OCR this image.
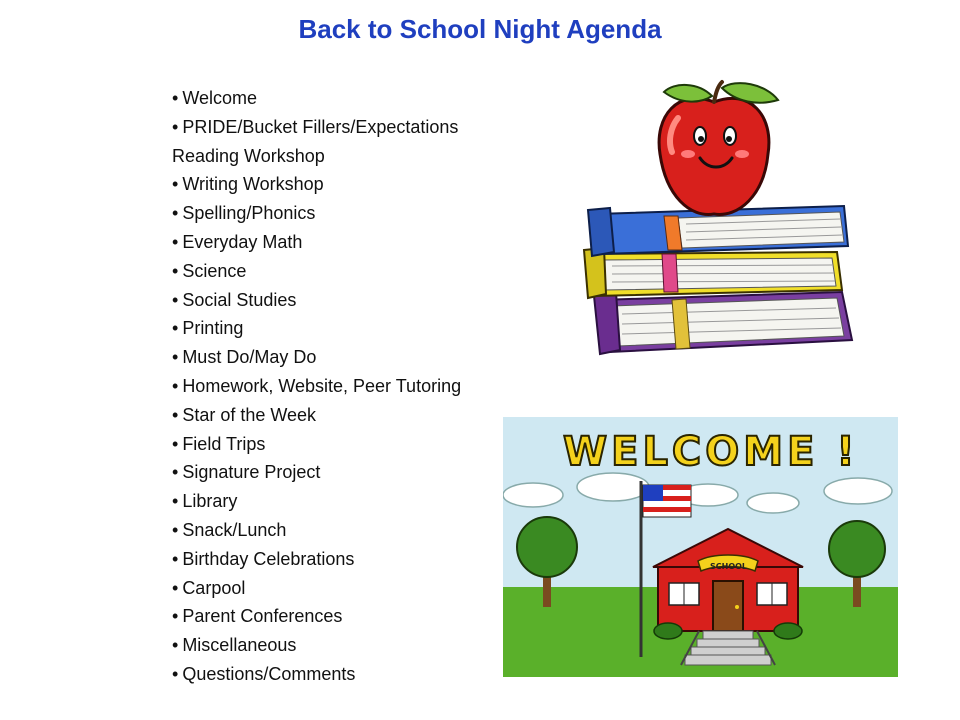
Back to School Night Agenda
• Welcome
• PRIDE/Bucket Fillers/Expectations
Reading Workshop
• Writing Workshop
• Spelling/Phonics
• Everyday Math
• Science
• Social Studies
• Printing
• Must Do/May Do
• Homework, Website, Peer Tutoring
• Star of the Week
• Field Trips
• Signature Project
• Library
• Snack/Lunch
• Birthday Celebrations
• Carpool
• Parent Conferences
• Miscellaneous
• Questions/Comments
WELCOME !
SCHOOL
